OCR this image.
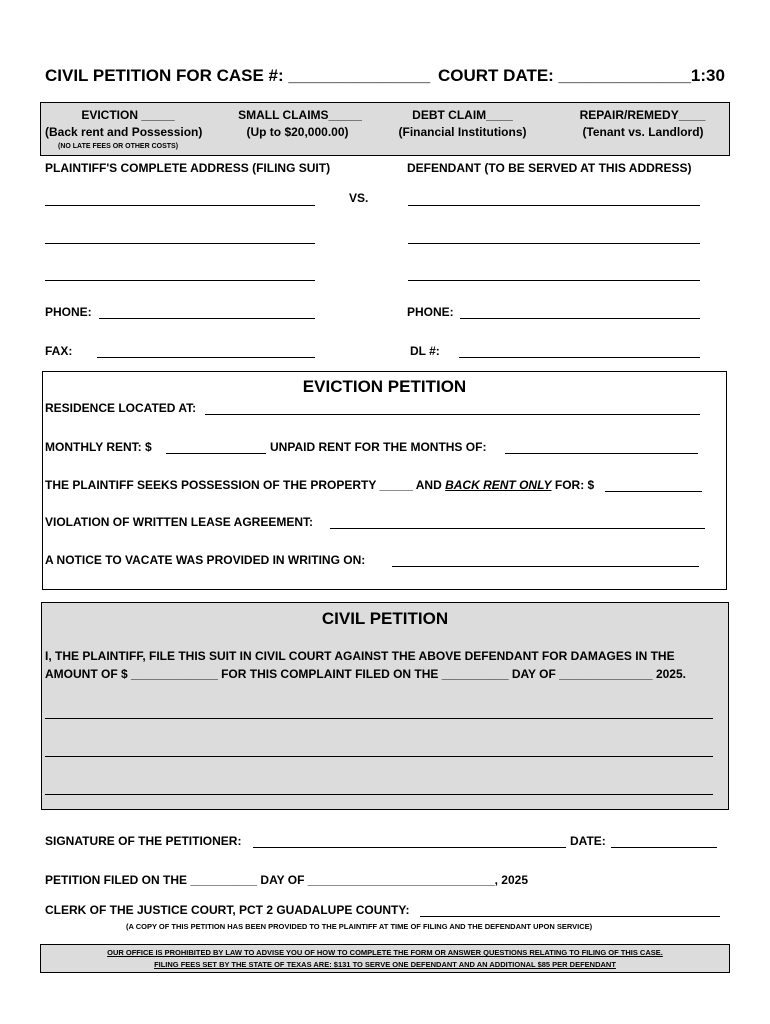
CIVIL PETITION FOR CASE #: _______________ COURT DATE: ______________1:30
EVICTION _____
(Back rent and Possession)
(NO LATE FEES OR OTHER COSTS)
SMALL CLAIMS_____
(Up to $20,000.00)
DEBT CLAIM____
(Financial Institutions)
REPAIR/REMEDY____
(Tenant vs. Landlord)
PLAINTIFF'S COMPLETE ADDRESS (FILING SUIT)	DEFENDANT (TO BE SERVED AT THIS ADDRESS)
VS.
PHONE:	PHONE:
FAX:	DL #:
EVICTION PETITION
RESIDENCE LOCATED AT:
MONTHLY RENT: $	UNPAID RENT FOR THE MONTHS OF:
THE PLAINTIFF SEEKS POSSESSION OF THE PROPERTY _____ AND BACK RENT ONLY FOR: $
VIOLATION OF WRITTEN LEASE AGREEMENT:
A NOTICE TO VACATE WAS PROVIDED IN WRITING ON:
CIVIL PETITION
I, THE PLAINTIFF, FILE THIS SUIT IN CIVIL COURT AGAINST THE ABOVE DEFENDANT FOR DAMAGES IN THE
AMOUNT OF $ _____________ FOR THIS COMPLAINT FILED ON THE __________ DAY OF ______________ 2025.
SIGNATURE OF THE PETITIONER:	DATE:
PETITION FILED ON THE __________ DAY OF ____________________________, 2025
CLERK OF THE JUSTICE COURT, PCT 2 GUADALUPE COUNTY:
(A COPY OF THIS PETITION HAS BEEN PROVIDED TO THE PLAINTIFF AT TIME OF FILING AND THE DEFENDANT UPON SERVICE)
OUR OFFICE IS PROHIBITED BY LAW TO ADVISE YOU OF HOW TO COMPLETE THE FORM OR ANSWER QUESTIONS RELATING TO FILING OF THIS CASE.
FILING FEES SET BY THE STATE OF TEXAS ARE: $131 TO SERVE ONE DEFENDANT AND AN ADDITIONAL $85 PER DEFENDANT
